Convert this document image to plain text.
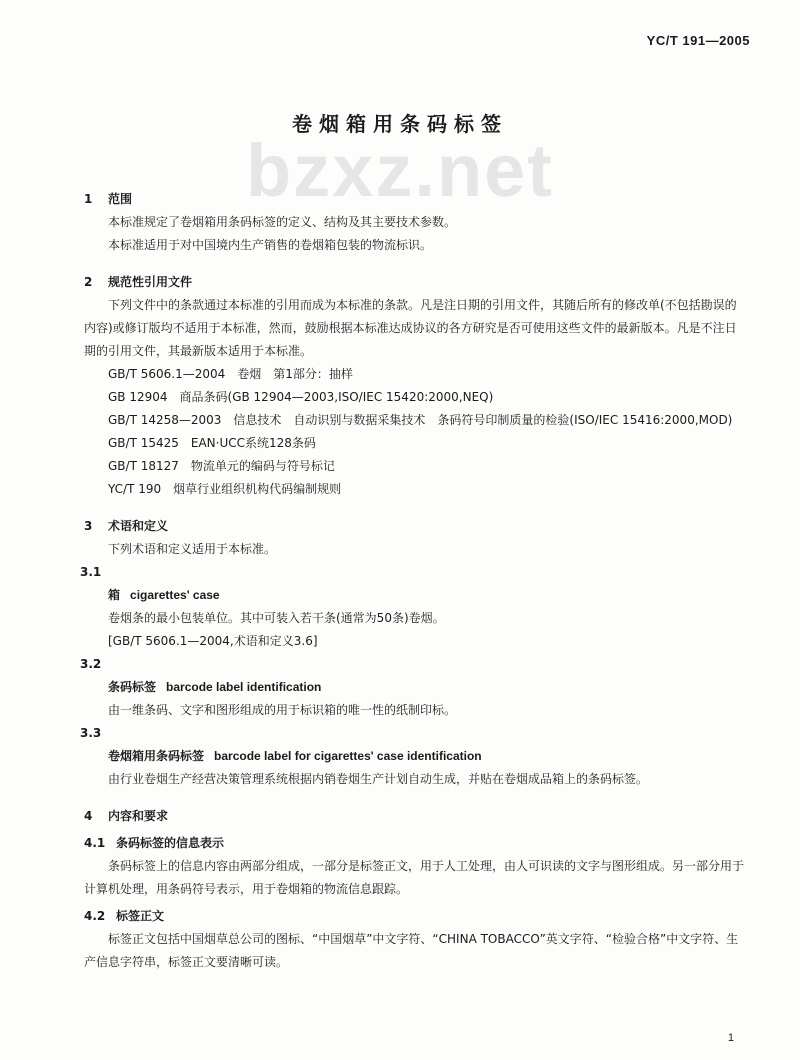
YC/T 191—2005
bzxz.net
卷烟箱用条码标签
1 范围
本标准规定了卷烟箱用条码标签的定义、结构及其主要技术参数。
本标准适用于对中国境内生产销售的卷烟箱包装的物流标识。
2 规范性引用文件
下列文件中的条款通过本标准的引用而成为本标准的条款。凡是注日期的引用文件，其随后所有的修改单(不包括勘误的内容)或修订版均不适用于本标准，然而，鼓励根据本标准达成协议的各方研究是否可使用这些文件的最新版本。凡是不注日期的引用文件，其最新版本适用于本标准。
GB/T 5606.1—2004　卷烟　第1部分：抽样
GB 12904　商品条码(GB 12904—2003,ISO/IEC 15420:2000,NEQ)
GB/T 14258—2003　信息技术　自动识别与数据采集技术　条码符号印制质量的检验(ISO/IEC 15416:2000,MOD)
GB/T 15425　EAN·UCC系统128条码
GB/T 18127　物流单元的编码与符号标记
YC/T 190　烟草行业组织机构代码编制规则
3 术语和定义
下列术语和定义适用于本标准。
3.1
箱 cigarettes' case
卷烟条的最小包装单位。其中可装入若干条(通常为50条)卷烟。
[GB/T 5606.1—2004,术语和定义3.6]
3.2
条码标签 barcode label identification
由一维条码、文字和图形组成的用于标识箱的唯一性的纸制印标。
3.3
卷烟箱用条码标签 barcode label for cigarettes' case identification
由行业卷烟生产经营决策管理系统根据内销卷烟生产计划自动生成，并贴在卷烟成品箱上的条码标签。
4 内容和要求
4.1 条码标签的信息表示
条码标签上的信息内容由两部分组成，一部分是标签正文，用于人工处理，由人可识读的文字与图形组成。另一部分用于计算机处理，用条码符号表示，用于卷烟箱的物流信息跟踪。
4.2 标签正文
标签正文包括中国烟草总公司的图标、“中国烟草”中文字符、“CHINA TOBACCO”英文字符、“检验合格”中文字符、生产信息字符串，标签正文要清晰可读。
1
